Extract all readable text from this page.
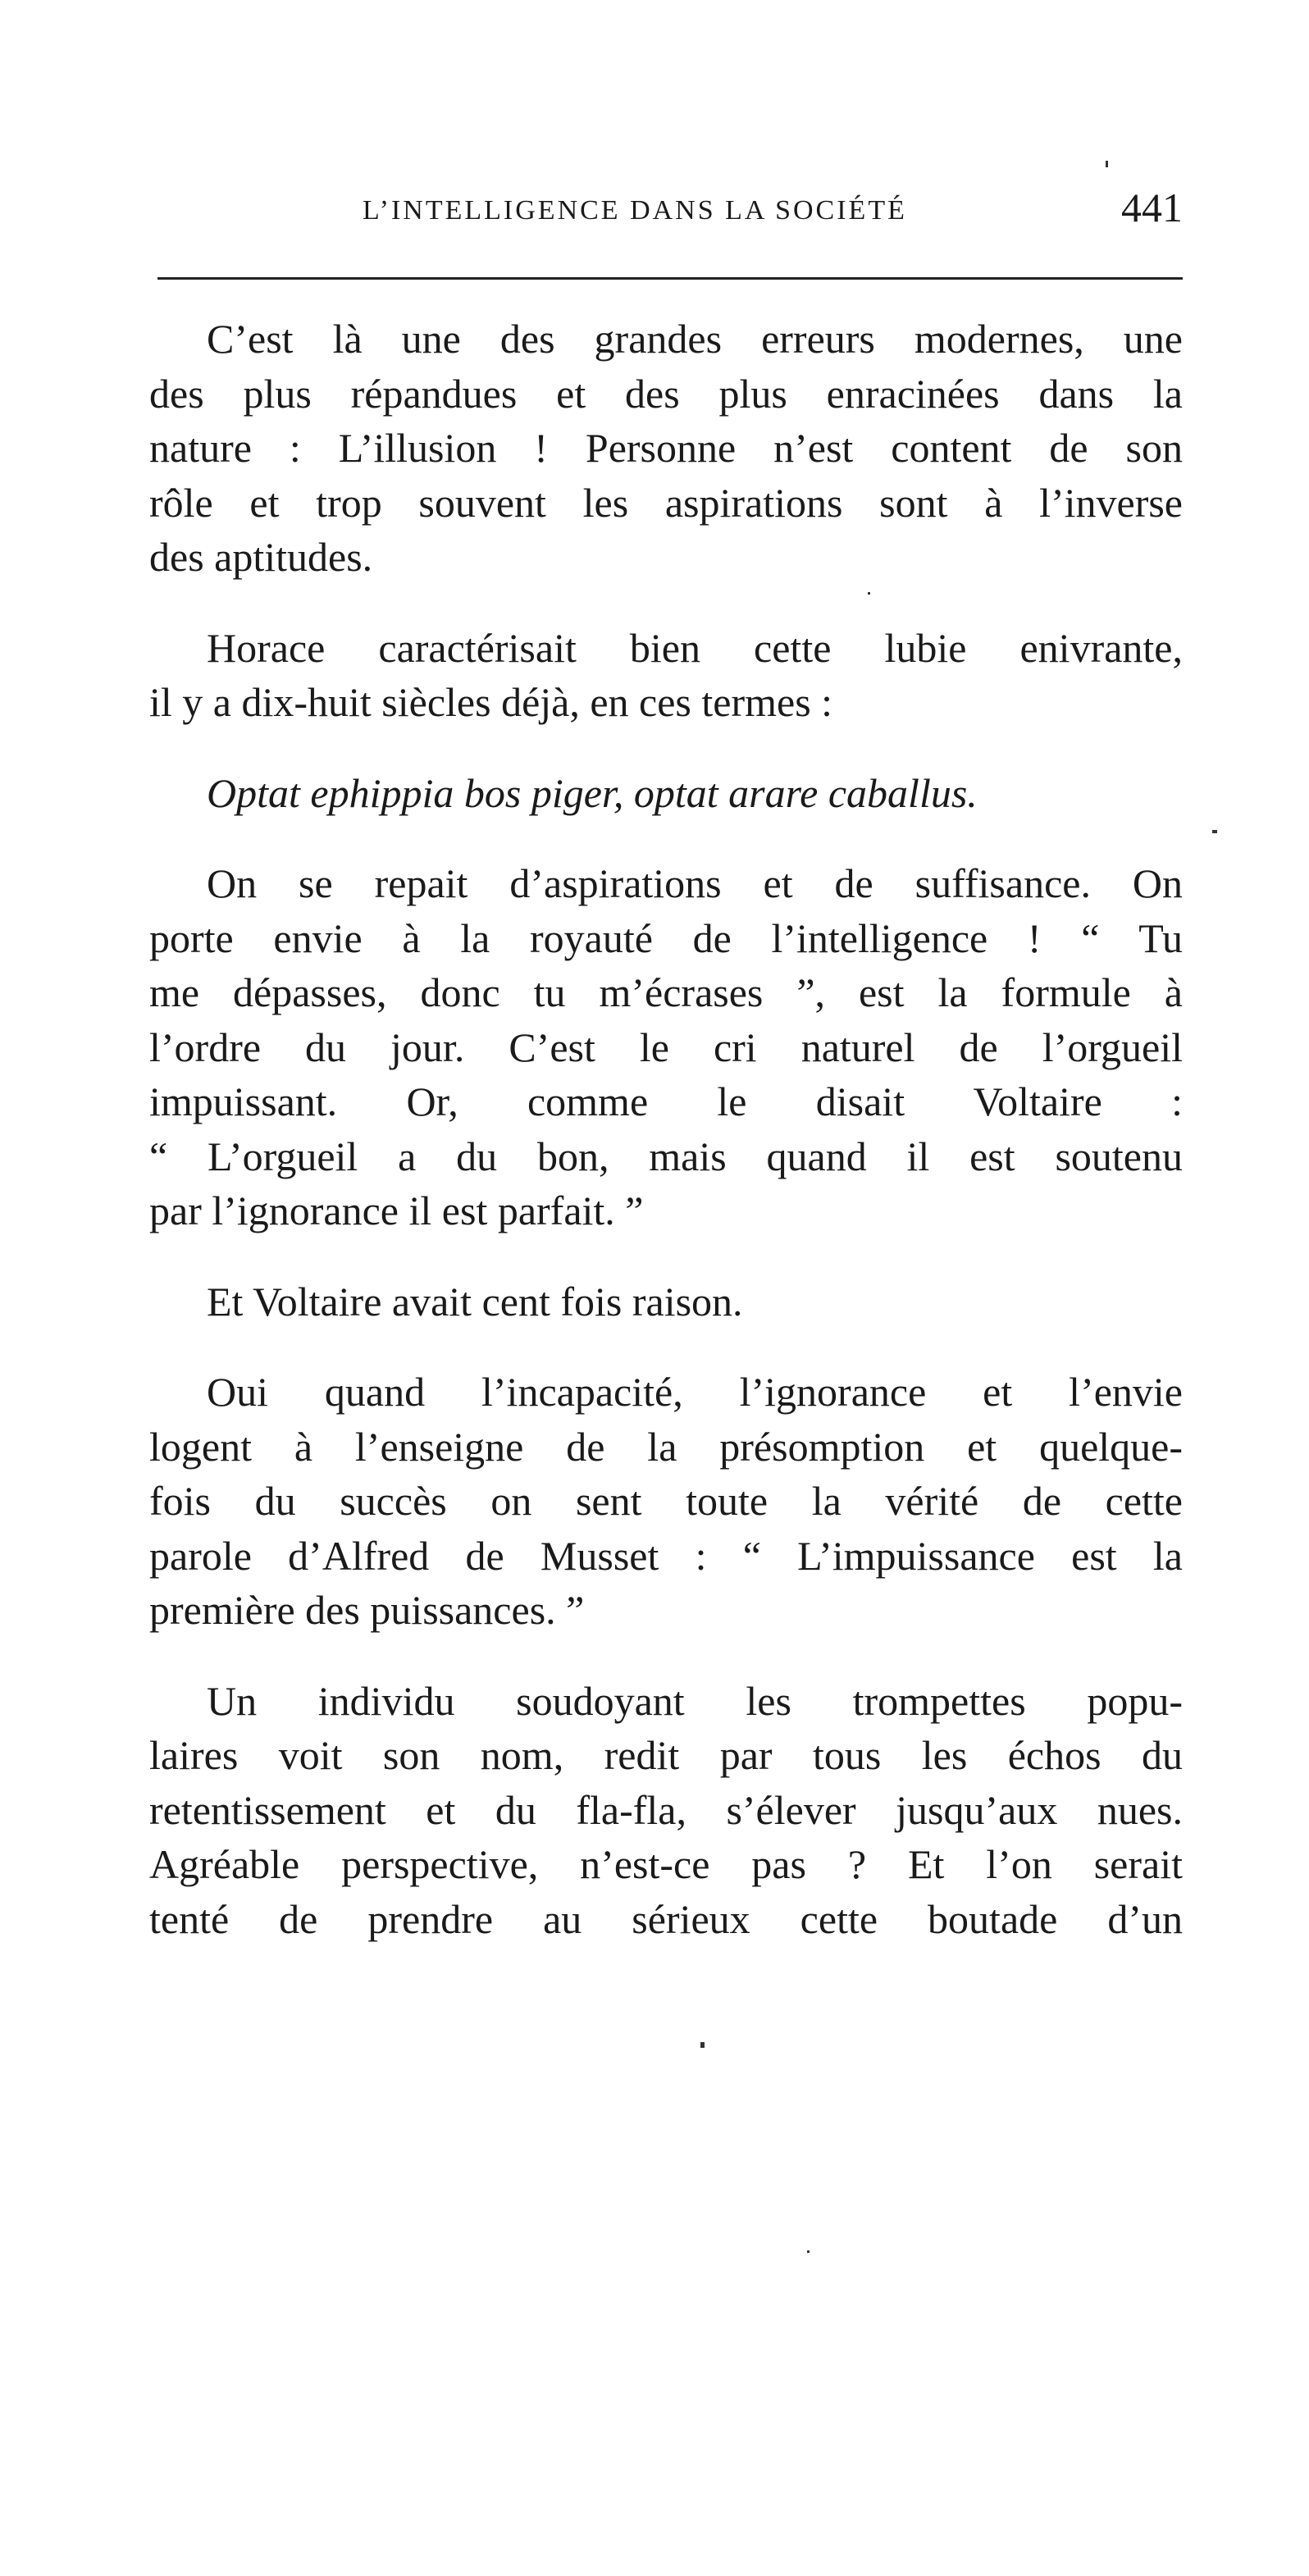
L’INTELLIGENCE DANS LA SOCIÉTÉ	441
C’est là une des grandes erreurs modernes, une
des plus répandues et des plus enracinées dans la
nature : L’illusion ! Personne n’est content de son
rôle et trop souvent les aspirations sont à l’inverse
des aptitudes.
Horace caractérisait bien cette lubie enivrante,
il y a dix-huit siècles déjà, en ces termes :
Optat ephippia bos piger, optat arare caballus.
On se repait d’aspirations et de suffisance. On
porte envie à la royauté de l’intelligence ! “ Tu
me dépasses, donc tu m’écrases ”, est la formule à
l’ordre du jour. C’est le cri naturel de l’orgueil
impuissant. Or, comme le disait Voltaire :
“ L’orgueil a du bon, mais quand il est soutenu
par l’ignorance il est parfait. ”
Et Voltaire avait cent fois raison.
Oui quand l’incapacité, l’ignorance et l’envie
logent à l’enseigne de la présomption et quelque-
fois du succès on sent toute la vérité de cette
parole d’Alfred de Musset : “ L’impuissance est la
première des puissances. ”
Un individu soudoyant les trompettes popu-
laires voit son nom, redit par tous les échos du
retentissement et du fla-fla, s’élever jusqu’aux nues.
Agréable perspective, n’est-ce pas ? Et l’on serait
tenté de prendre au sérieux cette boutade d’un
